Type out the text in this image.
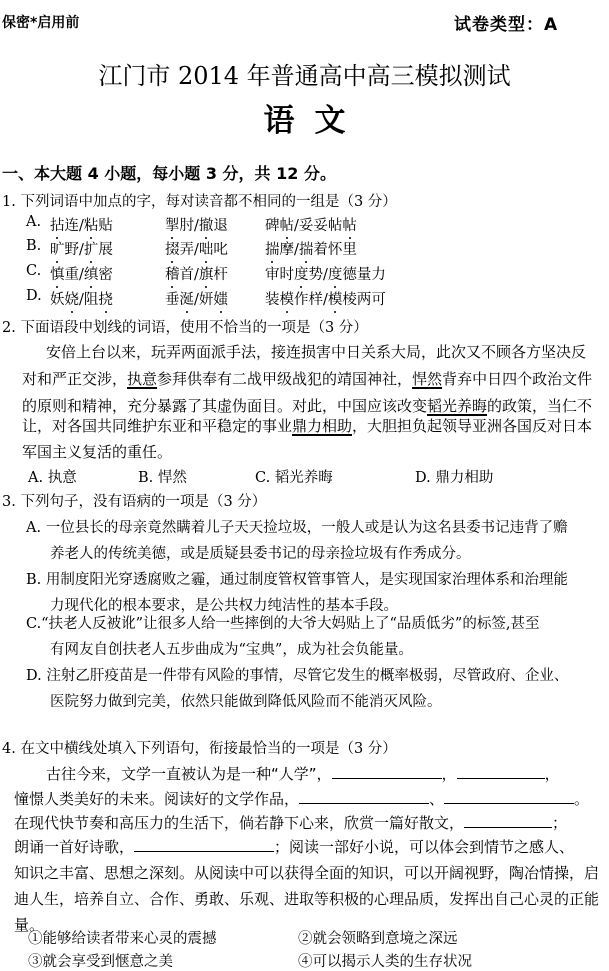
保密*启用前	试卷类型：A
江门市 2014 年普通高中高三模拟测试
语文
一、本大题 4 小题，每小题 3 分，共 12 分。
1. 下列词语中加点的字，每对读音都不相同的一组是（3 分）
A. 拈连/粘贴	掣肘/撤退	碑帖/妥妥帖帖
B. 旷野/扩展	掇弄/咄叱	揣摩/揣着怀里
C. 慎重/缜密	稽首/旗杆	审时度势/度德量力
D. 妖娆/阻挠	垂涎/妍媸	装模作样/模棱两可
2. 下面语段中划线的词语，使用不恰当的一项是（3 分）
安倍上台以来，玩弄两面派手法，接连损害中日关系大局，此次又不顾各方坚决反
对和严正交涉，执意参拜供奉有二战甲级战犯的靖国神社，悍然背弃中日四个政治文件
的原则和精神，充分暴露了其虚伪面目。对此，中国应该改变韬光养晦的政策，当仁不
让，对各国共同维护东亚和平稳定的事业鼎力相助，大胆担负起领导亚洲各国反对日本
军国主义复活的重任。
A. 执意	B. 悍然	C. 韬光养晦	D. 鼎力相助
3. 下列句子，没有语病的一项是（3 分）
A. 一位县长的母亲竟然瞒着儿子天天捡垃圾，一般人或是认为这名县委书记违背了赡
养老人的传统美德，或是质疑县委书记的母亲捡垃圾有作秀成分。
B. 用制度阳光穿透腐败之霾，通过制度管权管事管人，是实现国家治理体系和治理能
力现代化的根本要求，是公共权力纯洁性的基本手段。
C.“扶老人反被讹”让很多人给一些摔倒的大爷大妈贴上了“品质低劣”的标签,甚至
有网友自创扶老人五步曲成为“宝典”，成为社会负能量。
D. 注射乙肝疫苗是一件带有风险的事情，尽管它发生的概率极弱，尽管政府、企业、
医院努力做到完美，依然只能做到降低风险而不能消灭风险。
4. 在文中横线处填入下列语句，衔接最恰当的一项是（3 分）
古往今来，文学一直被认为是一种“人学”，	，	，
憧憬人类美好的未来。阅读好的文学作品，	、	。
在现代快节奏和高压力的生活下，倘若静下心来，欣赏一篇好散文，	；
朗诵一首好诗歌，	；阅读一部好小说，可以体会到情节之感人、
知识之丰富、思想之深刻。从阅读中可以获得全面的知识，可以开阔视野，陶冶情操，启
迪人生，培养自立、合作、勇敢、乐观、进取等积极的心理品质，发挥出自己心灵的正能
量。
①能够给读者带来心灵的震撼	②就会领略到意境之深远
③就会享受到惬意之美	④可以揭示人类的生存状况
